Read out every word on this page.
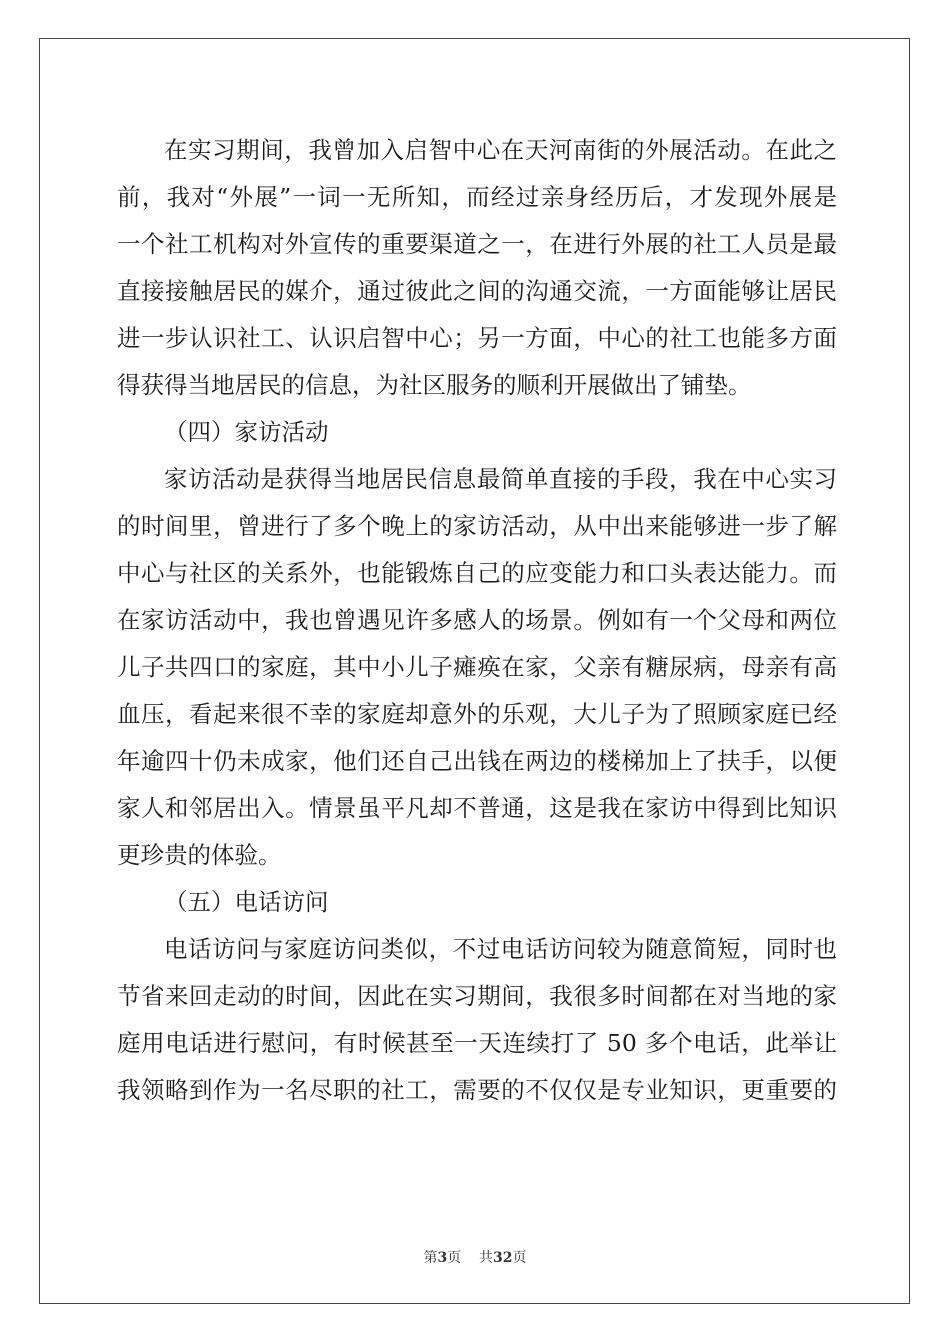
在实习期间，我曾加入启智中心在天河南街的外展活动。在此之
前，我对“外展”一词一无所知，而经过亲身经历后，才发现外展是
一个社工机构对外宣传的重要渠道之一，在进行外展的社工人员是最
直接接触居民的媒介，通过彼此之间的沟通交流，一方面能够让居民
进一步认识社工、认识启智中心；另一方面，中心的社工也能多方面
得获得当地居民的信息，为社区服务的顺利开展做出了铺垫。
（四）家访活动
家访活动是获得当地居民信息最简单直接的手段，我在中心实习
的时间里，曾进行了多个晚上的家访活动，从中出来能够进一步了解
中心与社区的关系外，也能锻炼自己的应变能力和口头表达能力。而
在家访活动中，我也曾遇见许多感人的场景。例如有一个父母和两位
儿子共四口的家庭，其中小儿子瘫痪在家，父亲有糖尿病，母亲有高
血压，看起来很不幸的家庭却意外的乐观，大儿子为了照顾家庭已经
年逾四十仍未成家，他们还自己出钱在两边的楼梯加上了扶手，以便
家人和邻居出入。情景虽平凡却不普通，这是我在家访中得到比知识
更珍贵的体验。
（五）电话访问
电话访问与家庭访问类似，不过电话访问较为随意简短，同时也
节省来回走动的时间，因此在实习期间，我很多时间都在对当地的家
庭用电话进行慰问，有时候甚至一天连续打了 50 多个电话，此举让
我领略到作为一名尽职的社工，需要的不仅仅是专业知识，更重要的
第3页 共32页
